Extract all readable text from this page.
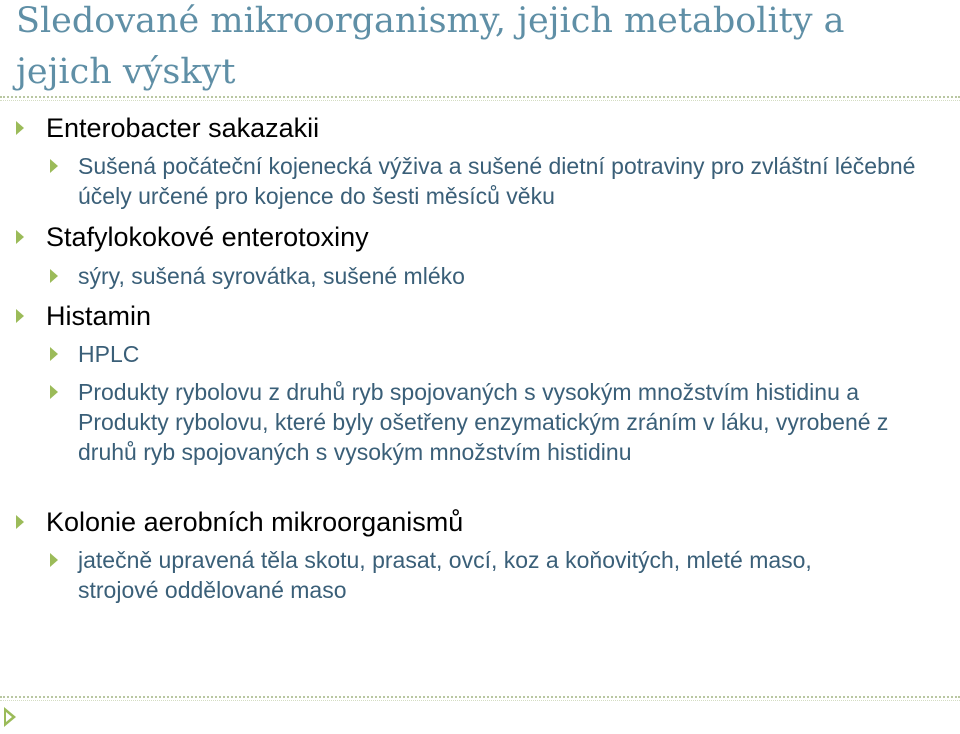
Sledované mikroorganismy, jejich metabolity a jejich výskyt
Enterobacter sakazakii
Sušená počáteční kojenecká výživa a sušené dietní potraviny pro zvláštní léčebné účely určené pro kojence do šesti měsíců věku
Stafylokokové enterotoxiny
sýry, sušená syrovátka, sušené mléko
Histamin
HPLC
Produkty rybolovu z druhů ryb spojovaných s vysokým množstvím histidinu a Produkty rybolovu, které byly ošetřeny enzymatickým zráním v láku, vyrobené z druhů ryb spojovaných s vysokým množstvím histidinu
Kolonie aerobních mikroorganismů
jatečně upravená těla skotu, prasat, ovcí, koz a koňovitých, mleté maso, strojové oddělované maso
